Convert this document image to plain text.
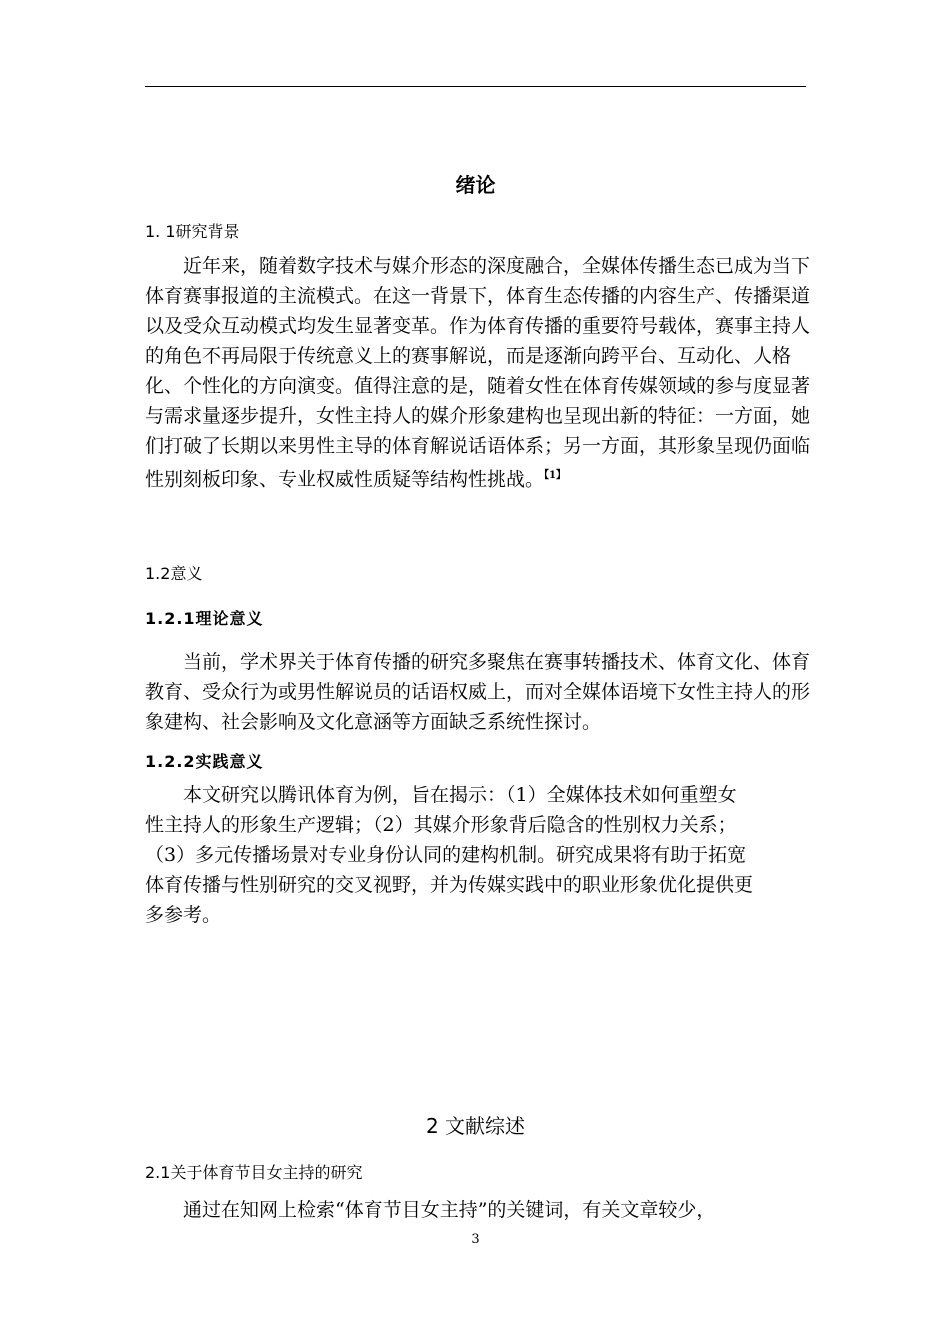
绪论
1. 1研究背景

近年来，随着数字技术与媒介形态的深度融合，全媒体传播生态已成为当下体育赛事报道的主流模式。在这一背景下，体育生态传播的内容生产、传播渠道以及受众互动模式均发生显著变革。作为体育传播的重要符号载体，赛事主持人的角色不再局限于传统意义上的赛事解说，而是逐渐向跨平台、互动化、人格化、个性化的方向演变。值得注意的是，随着女性在体育传媒领域的参与度显著与需求量逐步提升，女性主持人的媒介形象建构也呈现出新的特征：一方面，她们打破了长期以来男性主导的体育解说话语体系；另一方面，其形象呈现仍面临性别刻板印象、专业权威性质疑等结构性挑战。$^{【1】}$

1.2意义
1.2.1理论意义

当前，学术界关于体育传播的研究多聚焦在赛事转播技术、体育文化、体育教育、受众行为或男性解说员的话语权威上，而对全媒体语境下女性主持人的形象建构、社会影响及文化意涵等方面缺乏系统性探讨。

1.2.2实践意义
本文研究以腾讯体育为例，旨在揭示：（1）全媒体技术如何重塑女
性主持人的形象生产逻辑；（2）其媒介形象背后隐含的性别权力关系；
（3）多元传播场景对专业身份认同的建构机制。研究成果将有助于拓宽
体育传播与性别研究的交叉视野，并为传媒实践中的职业形象优化提供更
多参考。
2 文献综述
2.1关于体育节目女主持的研究

通过在知网上检索“体育节目女主持”的关键词，有关文章较少，

3
